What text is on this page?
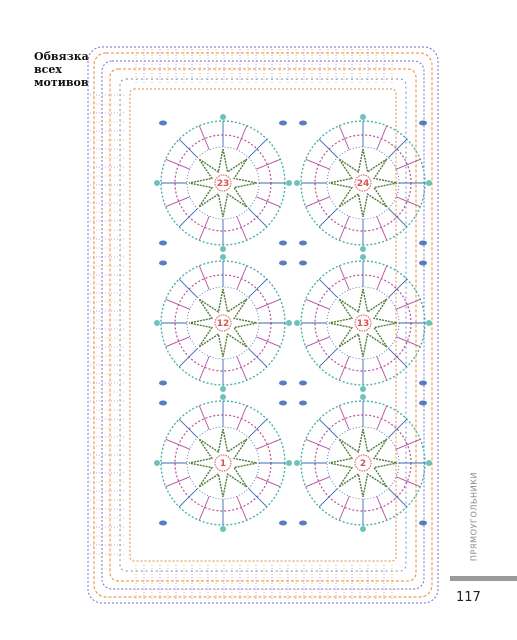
Обвязка
всех
мотивов
23	24
12	13
1	2
ПРЯМОУГОЛЬНИКИ
117
